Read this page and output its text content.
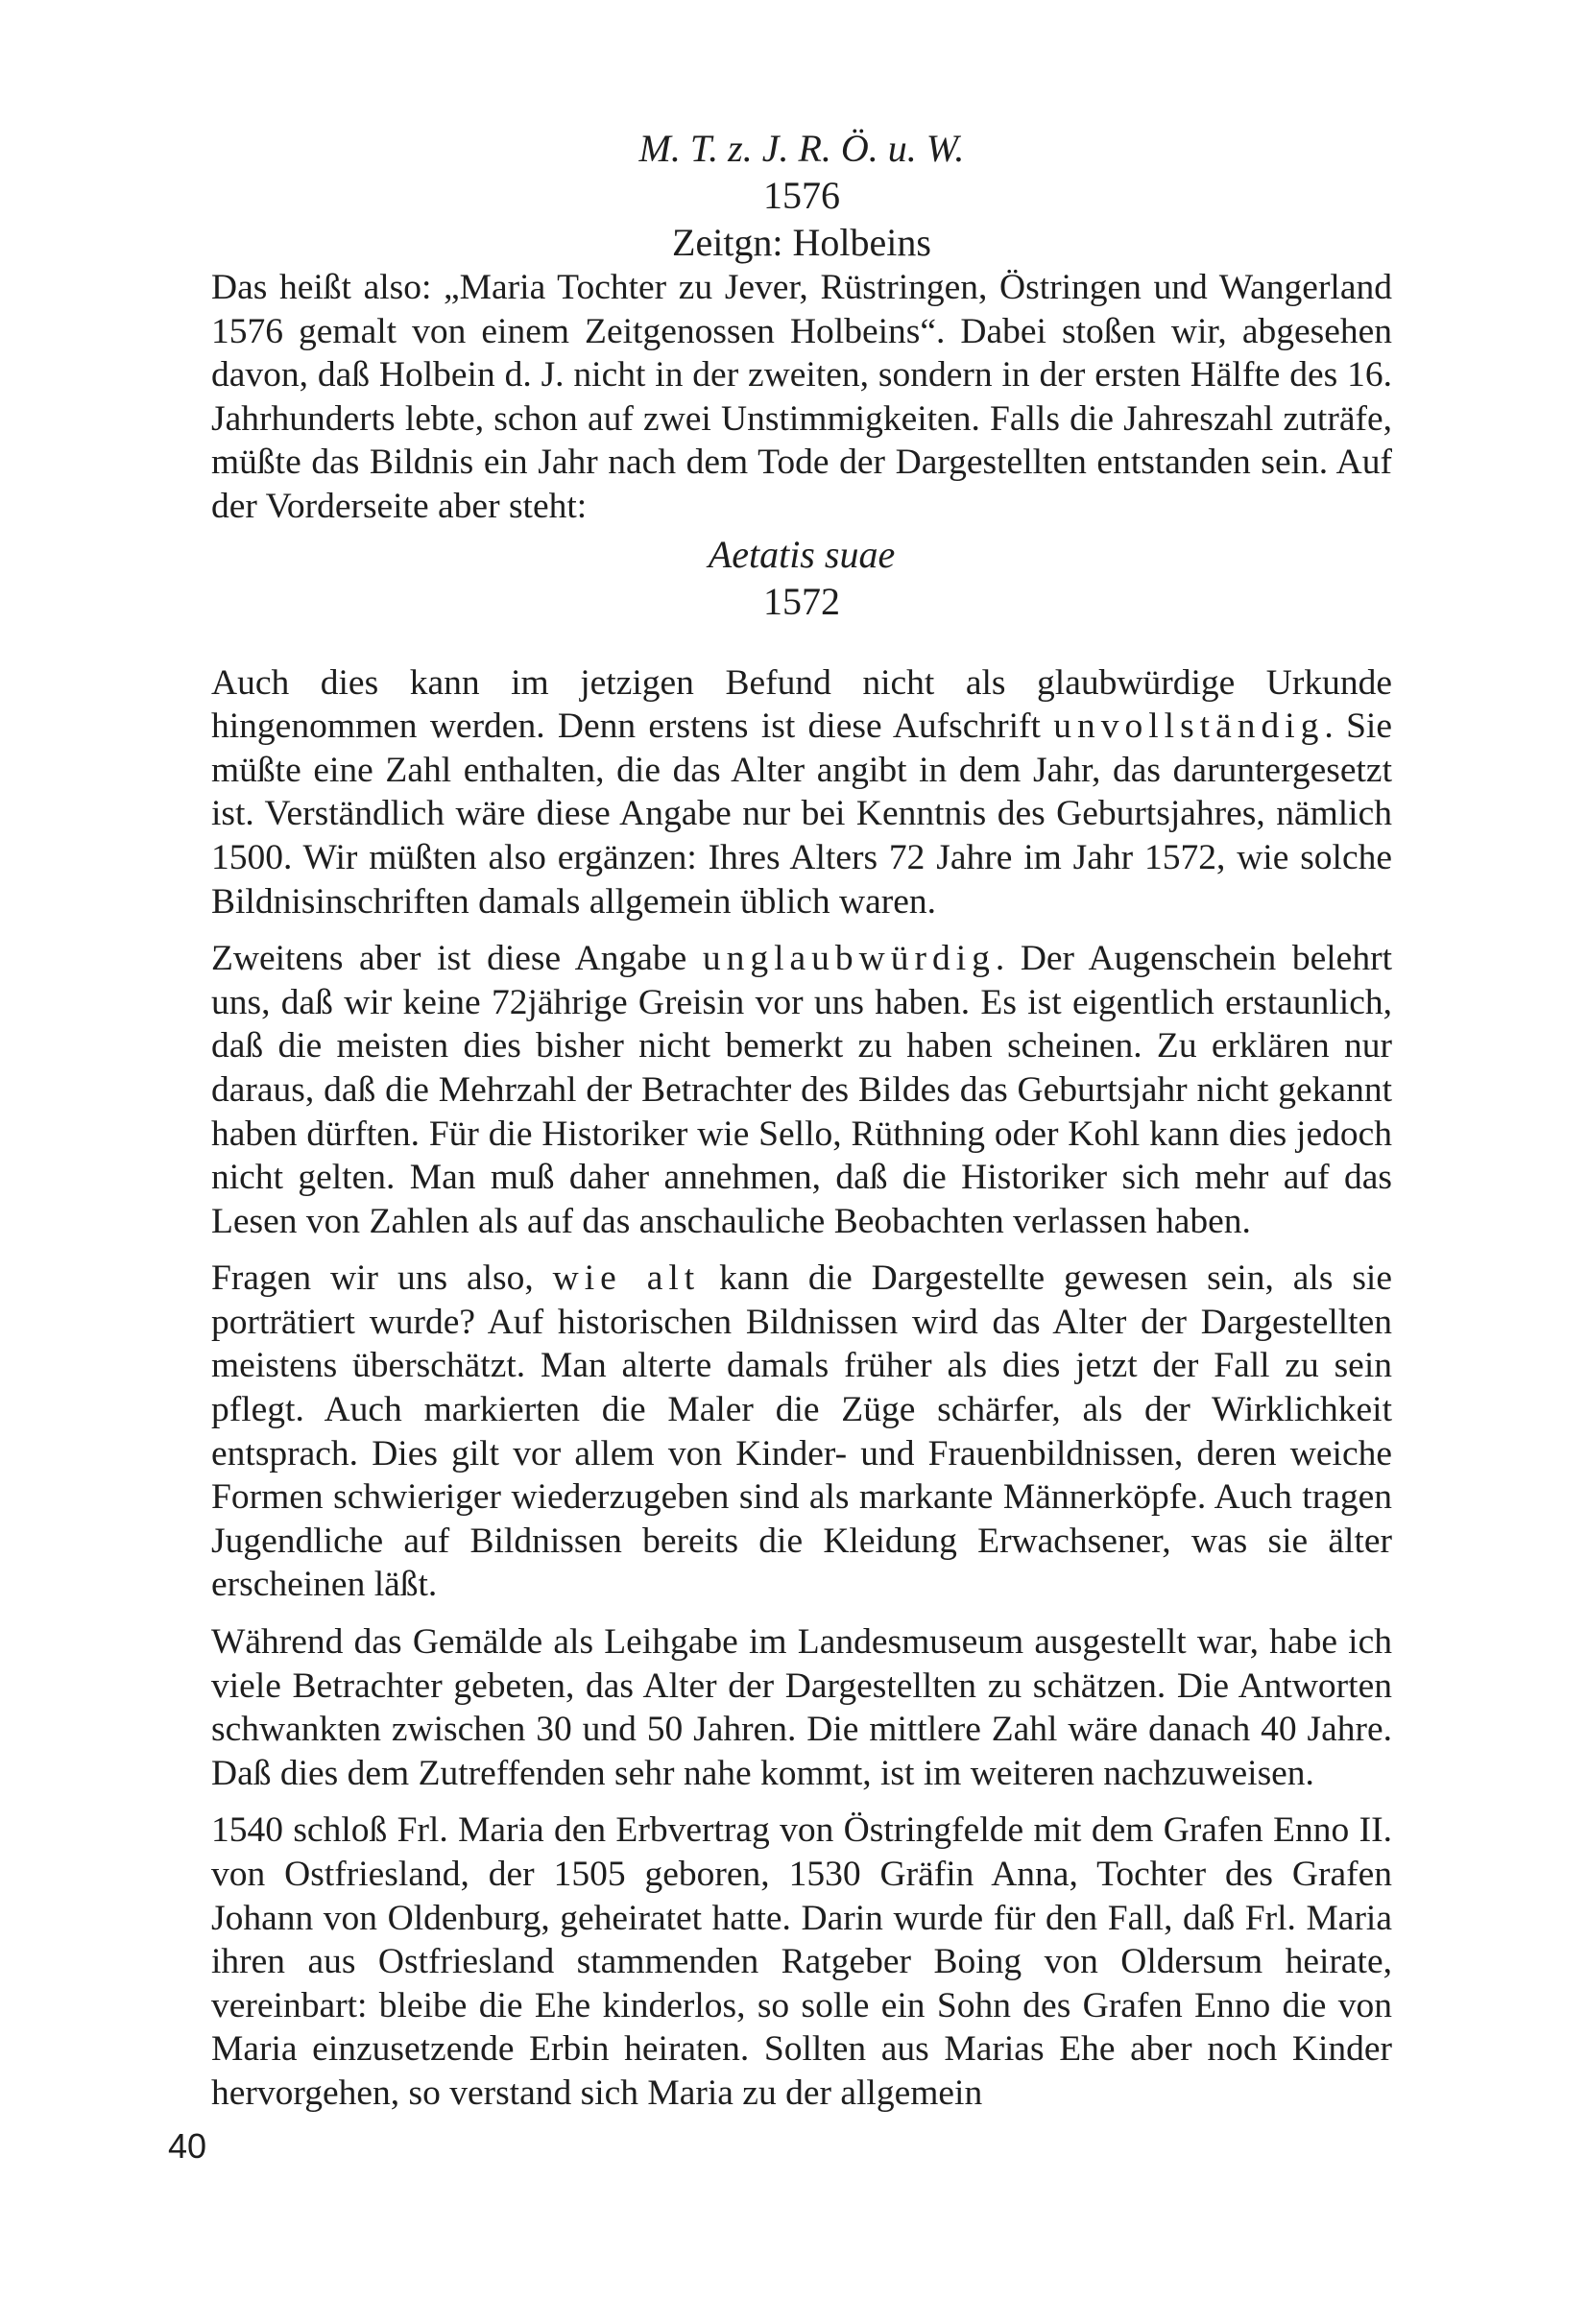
M. T. z. J. R. Ö. u. W.
1576
Zeitgn: Holbeins

Das heißt also: „Maria Tochter zu Jever, Rüstringen, Östringen und Wangerland 1576 gemalt von einem Zeitgenossen Holbeins“. Dabei stoßen wir, abgesehen davon, daß Holbein d. J. nicht in der zweiten, sondern in der ersten Hälfte des 16. Jahrhunderts lebte, schon auf zwei Unstimmigkeiten. Falls die Jahreszahl zuträfe, müßte das Bildnis ein Jahr nach dem Tode der Dargestellten entstanden sein. Auf der Vorderseite aber steht:

Aetatis suae
1572

Auch dies kann im jetzigen Befund nicht als glaubwürdige Urkunde hingenommen werden. Denn erstens ist diese Aufschrift unvollständig. Sie müßte eine Zahl enthalten, die das Alter angibt in dem Jahr, das daruntergesetzt ist. Verständlich wäre diese Angabe nur bei Kenntnis des Geburtsjahres, nämlich 1500. Wir müßten also ergänzen: Ihres Alters 72 Jahre im Jahr 1572, wie solche Bildnisinschriften damals allgemein üblich waren.

Zweitens aber ist diese Angabe unglaubwürdig. Der Augenschein belehrt uns, daß wir keine 72jährige Greisin vor uns haben. Es ist eigentlich erstaunlich, daß die meisten dies bisher nicht bemerkt zu haben scheinen. Zu erklären nur daraus, daß die Mehrzahl der Betrachter des Bildes das Geburtsjahr nicht gekannt haben dürften. Für die Historiker wie Sello, Rüthning oder Kohl kann dies jedoch nicht gelten. Man muß daher annehmen, daß die Historiker sich mehr auf das Lesen von Zahlen als auf das anschauliche Beobachten verlassen haben.

Fragen wir uns also, wie alt kann die Dargestellte gewesen sein, als sie porträtiert wurde? Auf historischen Bildnissen wird das Alter der Dargestellten meistens überschätzt. Man alterte damals früher als dies jetzt der Fall zu sein pflegt. Auch markierten die Maler die Züge schärfer, als der Wirklichkeit entsprach. Dies gilt vor allem von Kinder- und Frauenbildnissen, deren weiche Formen schwieriger wiederzugeben sind als markante Männerköpfe. Auch tragen Jugendliche auf Bildnissen bereits die Kleidung Erwachsener, was sie älter erscheinen läßt.

Während das Gemälde als Leihgabe im Landesmuseum ausgestellt war, habe ich viele Betrachter gebeten, das Alter der Dargestellten zu schätzen. Die Antworten schwankten zwischen 30 und 50 Jahren. Die mittlere Zahl wäre danach 40 Jahre. Daß dies dem Zutreffenden sehr nahe kommt, ist im weiteren nachzuweisen.

1540 schloß Frl. Maria den Erbvertrag von Östringfelde mit dem Grafen Enno II. von Ostfriesland, der 1505 geboren, 1530 Gräfin Anna, Tochter des Grafen Johann von Oldenburg, geheiratet hatte. Darin wurde für den Fall, daß Frl. Maria ihren aus Ostfriesland stammenden Ratgeber Boing von Oldersum heirate, vereinbart: bleibe die Ehe kinderlos, so solle ein Sohn des Grafen Enno die von Maria einzusetzende Erbin heiraten. Sollten aus Marias Ehe aber noch Kinder hervorgehen, so verstand sich Maria zu der allgemein

40
